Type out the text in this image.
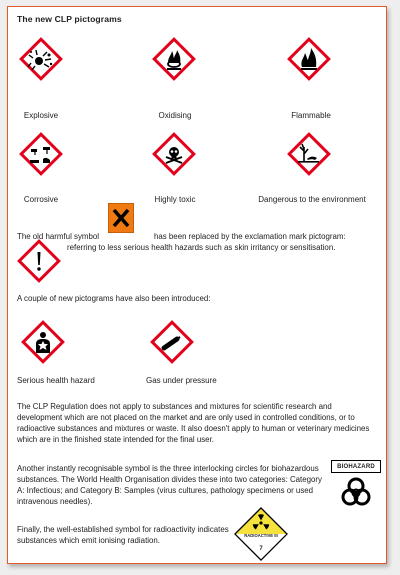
The new CLP pictograms
Explosive	Oxidising	Flammable
Corrosive	Highly toxic	Dangerous to the environment
The old harmful symbol	has been replaced by the exclamation mark pictogram:
referring to less serious health hazards such as skin irritancy or sensitisation.
A couple of new pictograms have also been introduced:
Serious health hazard	Gas under pressure
The CLP Regulation does not apply to substances and mixtures for scientific research and development which are not placed on the market and are only used in controlled conditions, or to radioactive substances and mixtures or waste. It also doesn't apply to human or veterinary medicines which are in the finished state intended for the final user.
Another instantly recognisable symbol is the three interlocking circles for biohazardous substances. The World Health Organisation divides these into two categories: Category A: Infectious; and Category B: Samples (virus cultures, pathology specimens or used intravenous needles).
BIOHAZARD
Finally, the well-established symbol for radioactivity indicates substances which emit ionising radiation.
RADIOACTIVE III
7
